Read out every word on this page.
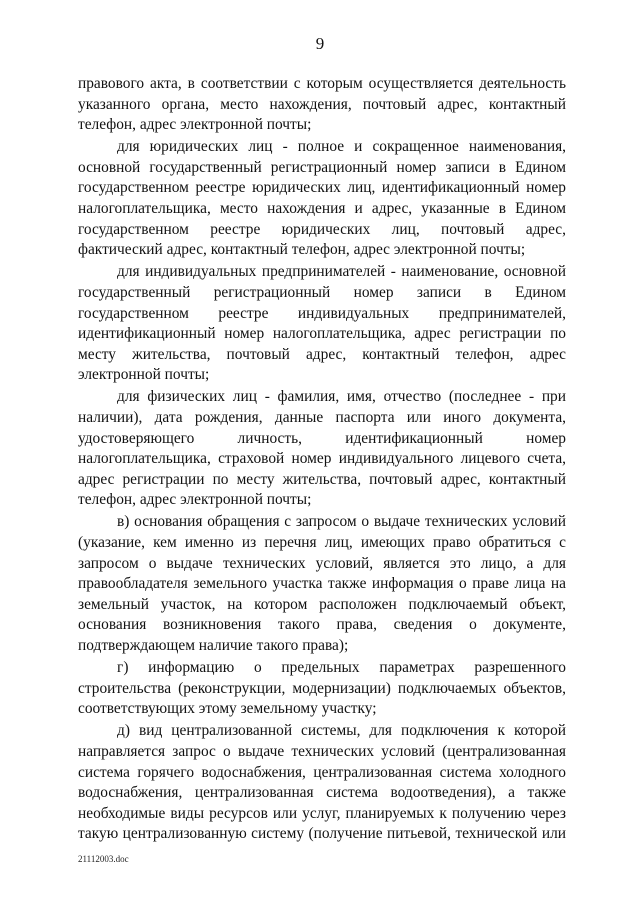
9

правового акта, в соответствии с которым осуществляется деятельность указанного органа, место нахождения, почтовый адрес, контактный телефон, адрес электронной почты;

для юридических лиц - полное и сокращенное наименования, основной государственный регистрационный номер записи в Едином государственном реестре юридических лиц, идентификационный номер налогоплательщика, место нахождения и адрес, указанные в Едином государственном реестре юридических лиц, почтовый адрес, фактический адрес, контактный телефон, адрес электронной почты;

для индивидуальных предпринимателей - наименование, основной государственный регистрационный номер записи в Едином государственном реестре индивидуальных предпринимателей, идентификационный номер налогоплательщика, адрес регистрации по месту жительства, почтовый адрес, контактный телефон, адрес электронной почты;

для физических лиц - фамилия, имя, отчество (последнее - при наличии), дата рождения, данные паспорта или иного документа, удостоверяющего личность, идентификационный номер налогоплательщика, страховой номер индивидуального лицевого счета, адрес регистрации по месту жительства, почтовый адрес, контактный телефон, адрес электронной почты;

в) основания обращения с запросом о выдаче технических условий (указание, кем именно из перечня лиц, имеющих право обратиться с запросом о выдаче технических условий, является это лицо, а для правообладателя земельного участка также информация о праве лица на земельный участок, на котором расположен подключаемый объект, основания возникновения такого права, сведения о документе, подтверждающем наличие такого права);

г) информацию о предельных параметрах разрешенного строительства (реконструкции, модернизации) подключаемых объектов, соответствующих этому земельному участку;

д) вид централизованной системы, для подключения к которой направляется запрос о выдаче технических условий (централизованная система горячего водоснабжения, централизованная система холодного водоснабжения, централизованная система водоотведения), а также необходимые виды ресурсов или услуг, планируемых к получению через такую централизованную систему (получение питьевой, технической или

21112003.doc
